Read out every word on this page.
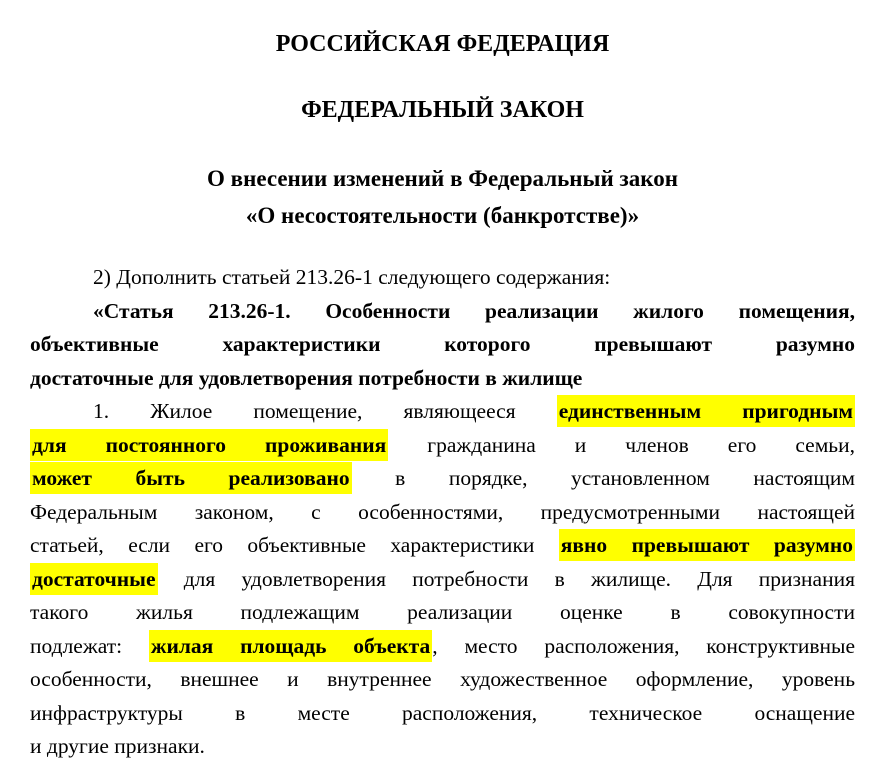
РОССИЙСКАЯ ФЕДЕРАЦИЯ
ФЕДЕРАЛЬНЫЙ ЗАКОН
О внесении изменений в Федеральный закон
«О несостоятельности (банкротстве)»
2) Дополнить статьей 213.26-1 следующего содержания:
«Статья 213.26-1. Особенности реализации жилого помещения,
объективные характеристики которого превышают разумно
достаточные для удовлетворения потребности в жилище
1. Жилое помещение, являющееся единственным пригодным
для постоянного проживания гражданина и членов его семьи,
может быть реализовано в порядке, установленном настоящим
Федеральным законом, с особенностями, предусмотренными настоящей
статьей, если его объективные характеристики явно превышают разумно
достаточные для удовлетворения потребности в жилище. Для признания
такого жилья подлежащим реализации оценке в совокупности
подлежат: жилая площадь объекта, место расположения, конструктивные
особенности, внешнее и внутреннее художественное оформление, уровень
инфраструктуры в месте расположения, техническое оснащение
и другие признаки.
